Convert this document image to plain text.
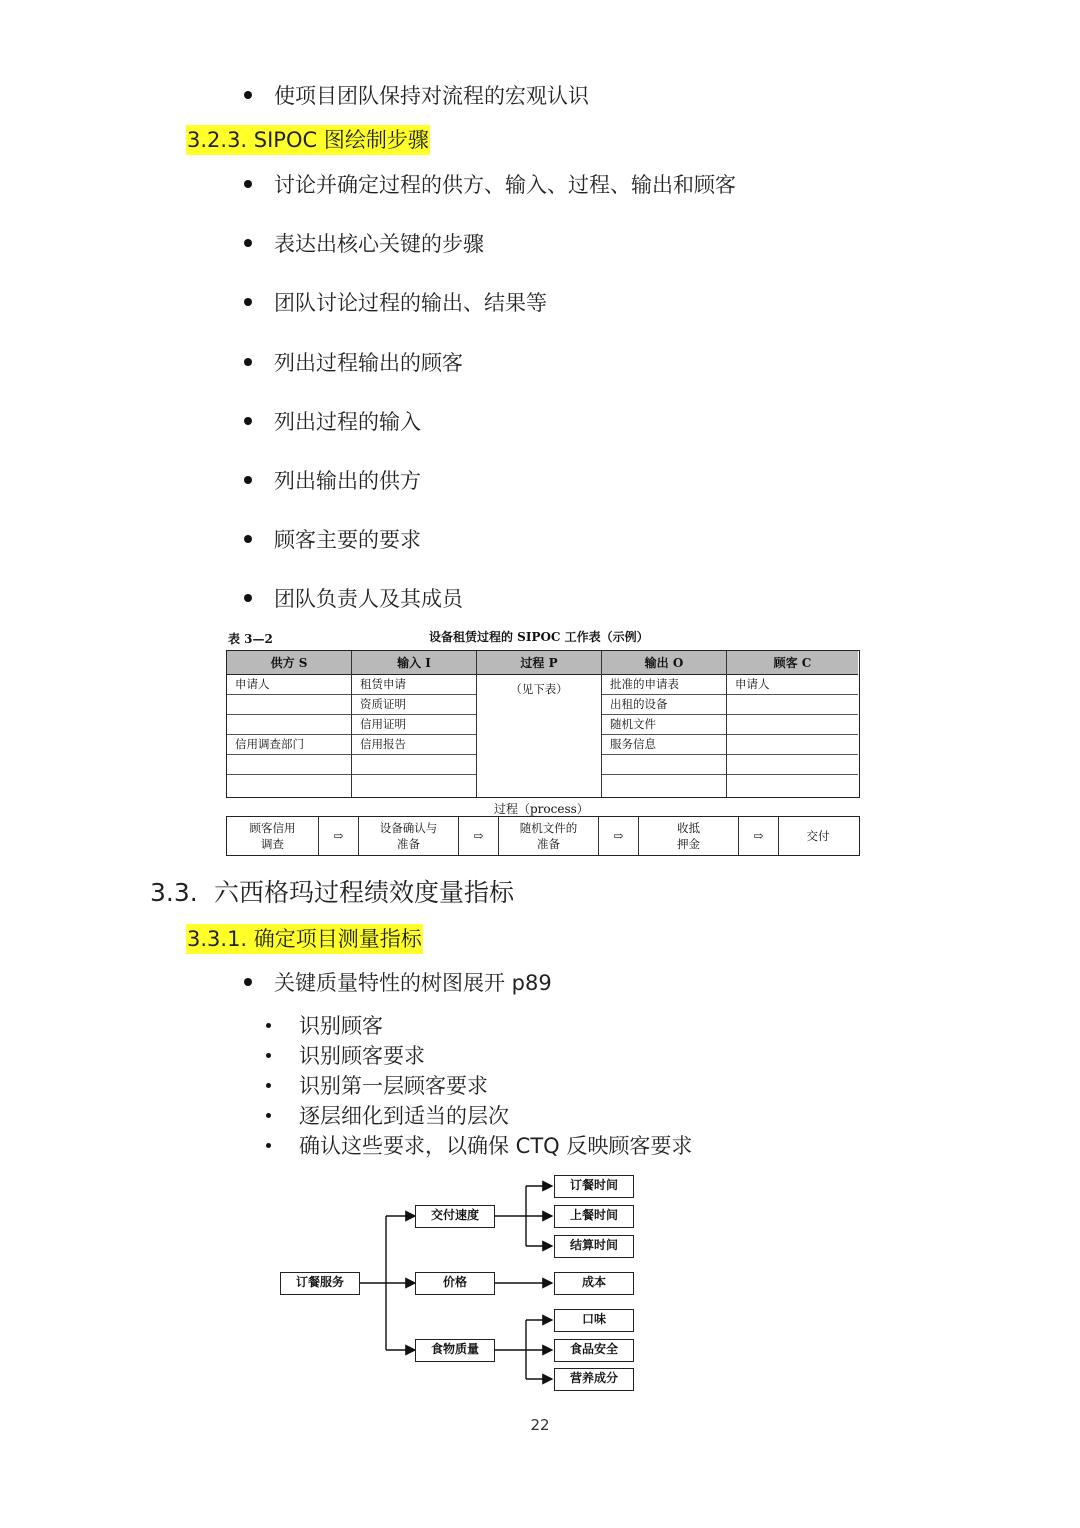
使项目团队保持对流程的宏观认识
3.2.3. SIPOC 图绘制步骤
讨论并确定过程的供方、输入、过程、输出和顾客
表达出核心关键的步骤
团队讨论过程的输出、结果等
列出过程输出的顾客
列出过程的输入
列出输出的供方
顾客主要的要求
团队负责人及其成员
表 3—2	设备租赁过程的 SIPOC 工作表（示例）
供方 S
申请人
信用调查部门
输入 I
租赁申请
资质证明
信用证明
信用报告
过程 P
（见下表）
输出 O
批准的申请表
出租的设备
随机文件
服务信息
顾客 C
申请人
过程（process）
顾客信用
调查
⇨
设备确认与
准备
⇨
随机文件的
准备
⇨
收抵
押金
⇨	交付
3.3. 六西格玛过程绩效度量指标
3.3.1. 确定项目测量指标
关键质量特性的树图展开 p89
识别顾客
识别顾客要求
识别第一层顾客要求
逐层细化到适当的层次
确认这些要求，以确保 CTQ 反映顾客要求
订餐服务
交付速度
价格
食物质量
订餐时间
上餐时间
结算时间
成本
口味
食品安全
营养成分
22
